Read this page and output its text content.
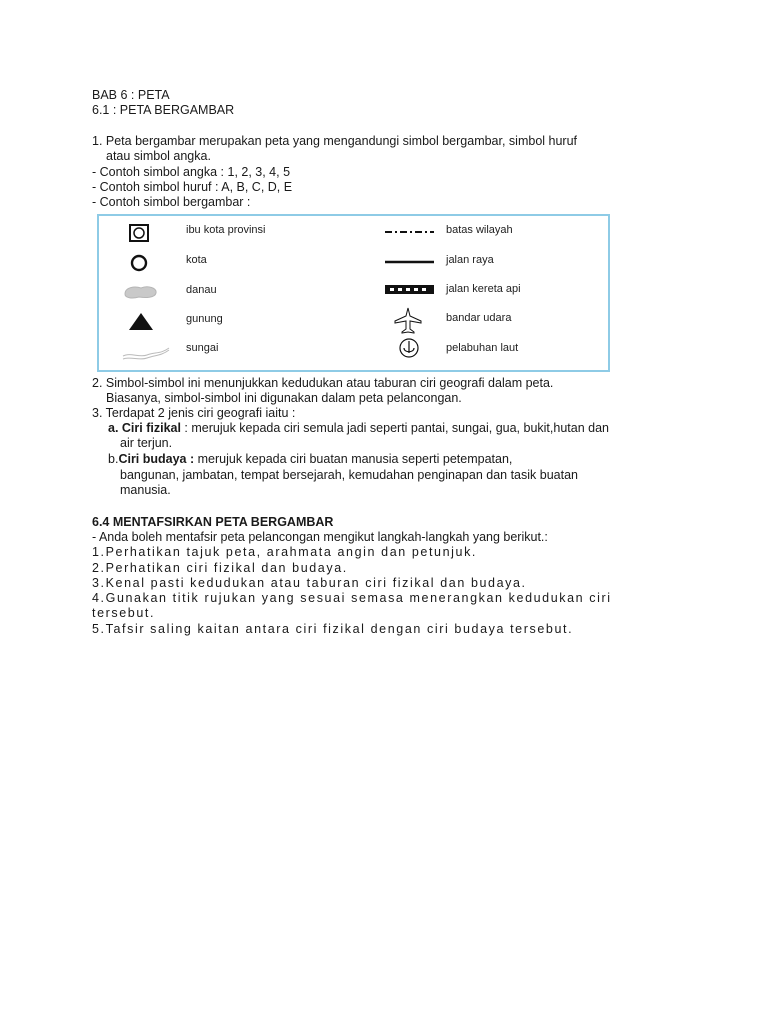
BAB 6 : PETA
6.1 : PETA BERGAMBAR
1. Peta bergambar merupakan peta yang mengandungi simbol bergambar, simbol huruf
atau simbol angka.
- Contoh simbol angka : 1, 2, 3, 4, 5
- Contoh simbol huruf : A, B, C, D, E
- Contoh simbol bergambar :
ibu kota provinsi
kota
danau
gunung
sungai
batas wilayah
jalan raya
jalan kereta api
bandar udara
pelabuhan laut
2. Simbol-simbol ini menunjukkan kedudukan atau taburan ciri geografi dalam peta.
Biasanya, simbol-simbol ini digunakan dalam peta pelancongan.
3. Terdapat 2 jenis ciri geografi iaitu :
a. Ciri fizikal : merujuk kepada ciri semula jadi seperti pantai, sungai, gua, bukit,hutan dan
air terjun.
b.Ciri budaya : merujuk kepada ciri buatan manusia seperti petempatan,
bangunan, jambatan, tempat bersejarah, kemudahan penginapan dan tasik buatan
manusia.
6.4 MENTAFSIRKAN PETA BERGAMBAR
- Anda boleh mentafsir peta pelancongan mengikut langkah-langkah yang berikut.:
1.Perhatikan tajuk peta, arahmata angin dan petunjuk.
2.Perhatikan ciri fizikal dan budaya.
3.Kenal pasti kedudukan atau taburan ciri fizikal dan budaya.
4.Gunakan titik rujukan yang sesuai semasa menerangkan kedudukan ciri
tersebut.
5.Tafsir saling kaitan antara ciri fizikal dengan ciri budaya tersebut.
